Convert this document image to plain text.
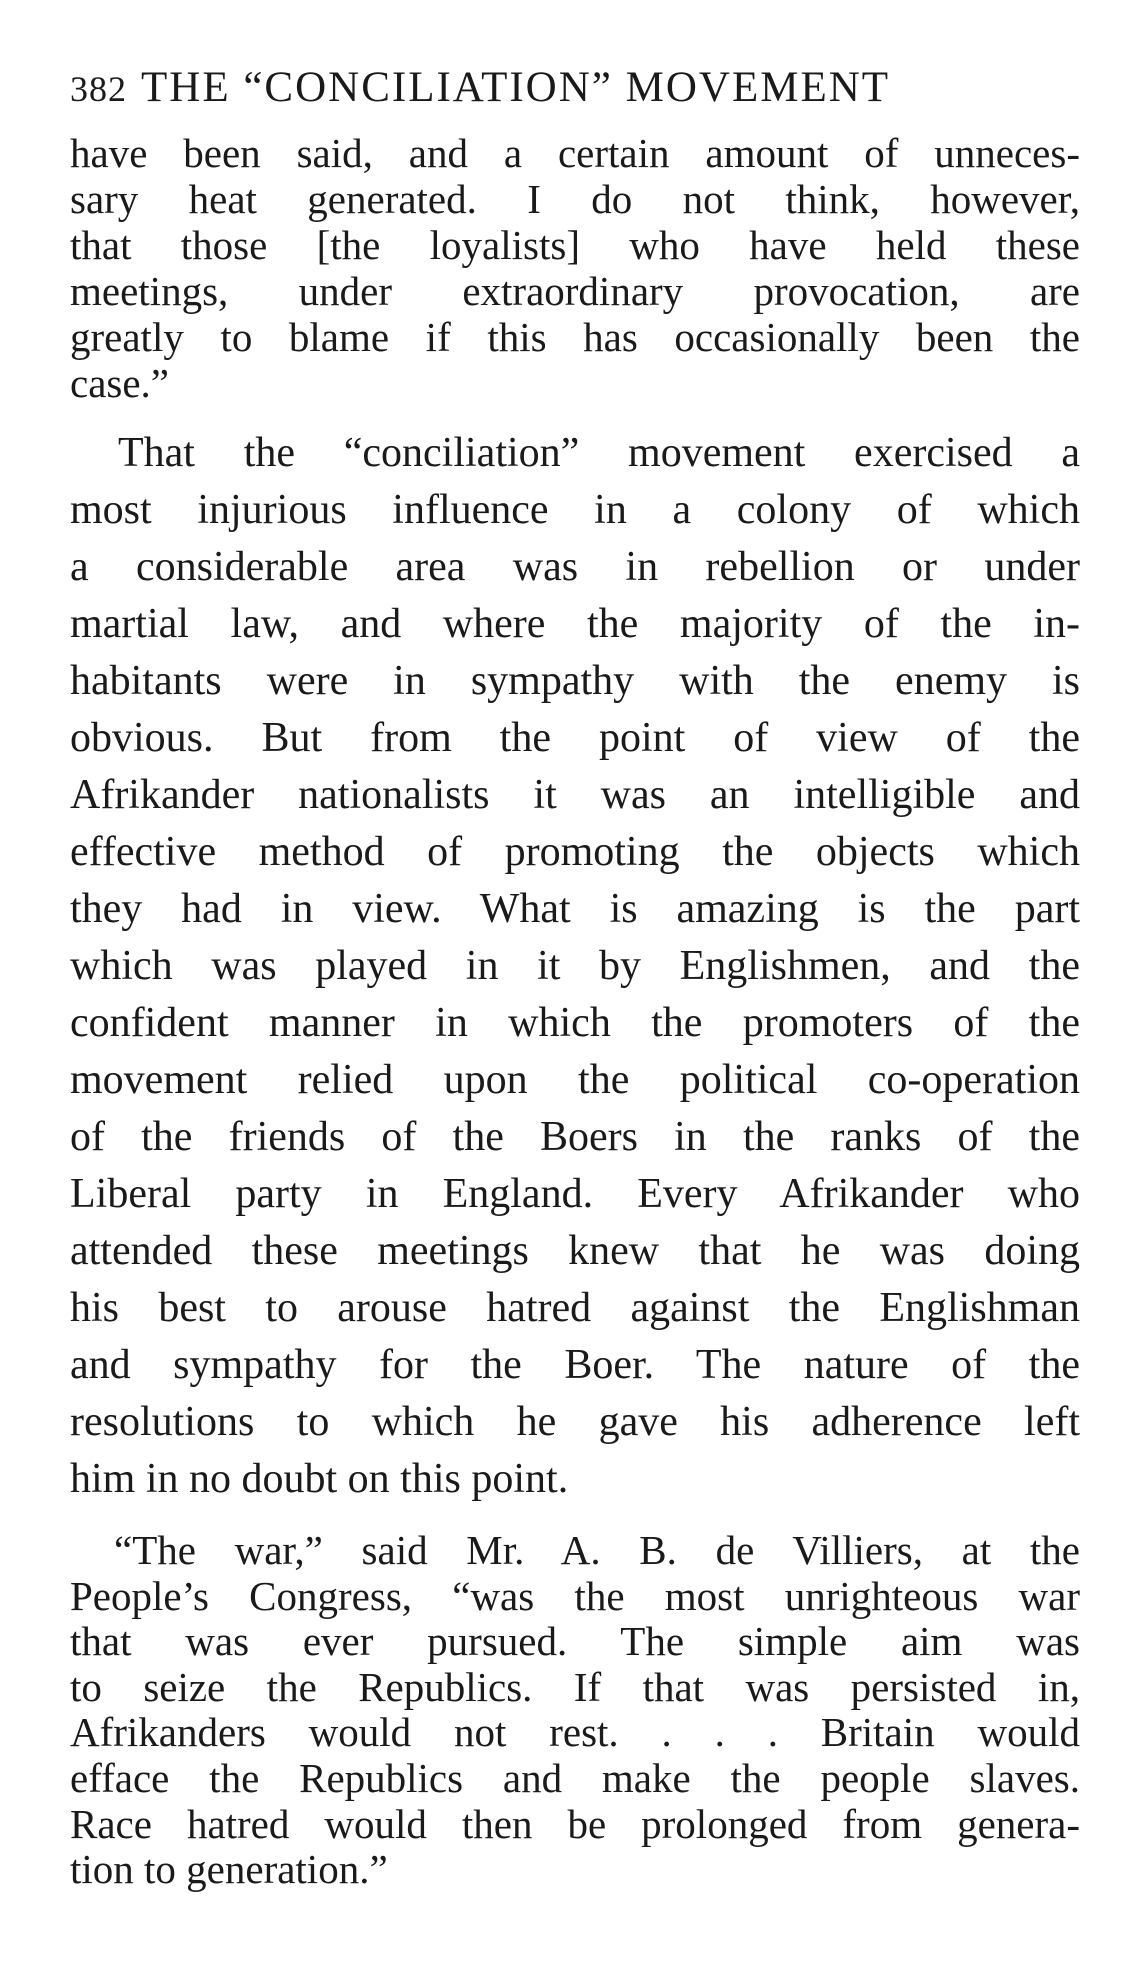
382 THE “CONCILIATION” MOVEMENT
have been said, and a certain amount of unneces-
sary heat generated. I do not think, however,
that those [the loyalists] who have held these
meetings, under extraordinary provocation, are
greatly to blame if this has occasionally been the
case.”
That the “conciliation” movement exercised a
most injurious influence in a colony of which
a considerable area was in rebellion or under
martial law, and where the majority of the in-
habitants were in sympathy with the enemy is
obvious. But from the point of view of the
Afrikander nationalists it was an intelligible and
effective method of promoting the objects which
they had in view. What is amazing is the part
which was played in it by Englishmen, and the
confident manner in which the promoters of the
movement relied upon the political co-operation
of the friends of the Boers in the ranks of the
Liberal party in England. Every Afrikander who
attended these meetings knew that he was doing
his best to arouse hatred against the Englishman
and sympathy for the Boer. The nature of the
resolutions to which he gave his adherence left
him in no doubt on this point.
“The war,” said Mr. A. B. de Villiers, at the
People’s Congress, “was the most unrighteous war
that was ever pursued. The simple aim was
to seize the Republics. If that was persisted in,
Afrikanders would not rest. . . . Britain would
efface the Republics and make the people slaves.
Race hatred would then be prolonged from genera-
tion to generation.”
